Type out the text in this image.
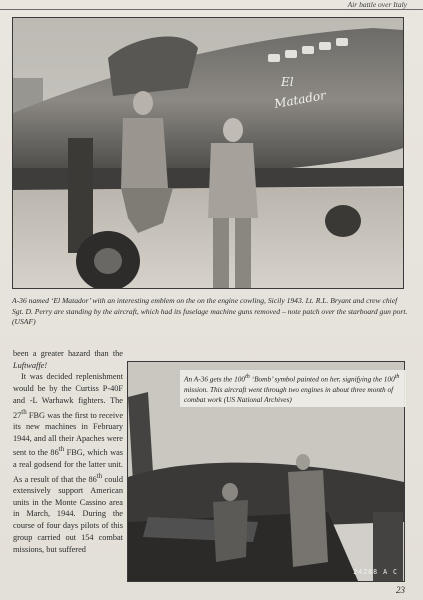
Air battle over Italy
El
Matador
A-36 named ‘El Matador’ with an interesting emblem on the on the engine cowling, Sicily 1943. Lt. R.L. Bryant and crew chief Sgt. D. Perry are standing by the aircraft, which had its fuselage machine guns removed – note patch over the starboard gun port. (USAF)

been a greater hazard than the Luftwaffe!

It was decided replenishment would be by the Curtiss P-40F and -L Warhawk fighters. The 27th FBG was the first to receive its new machines in February 1944, and all their Apaches were sent to the 86th FBG, which was a real godsend for the latter unit. As a result of that the 86th could extensively support American units in the Monte Cassino area in March, 1944. During the course of four days pilots of this group carried out 154 combat missions, but suffered

24288 A C
An A-36 gets the 100th ‘Bomb’ symbol painted on her, signifying the 100th mission. This aircraft went through two engines in about three month of combat work (US National Archives)
23
